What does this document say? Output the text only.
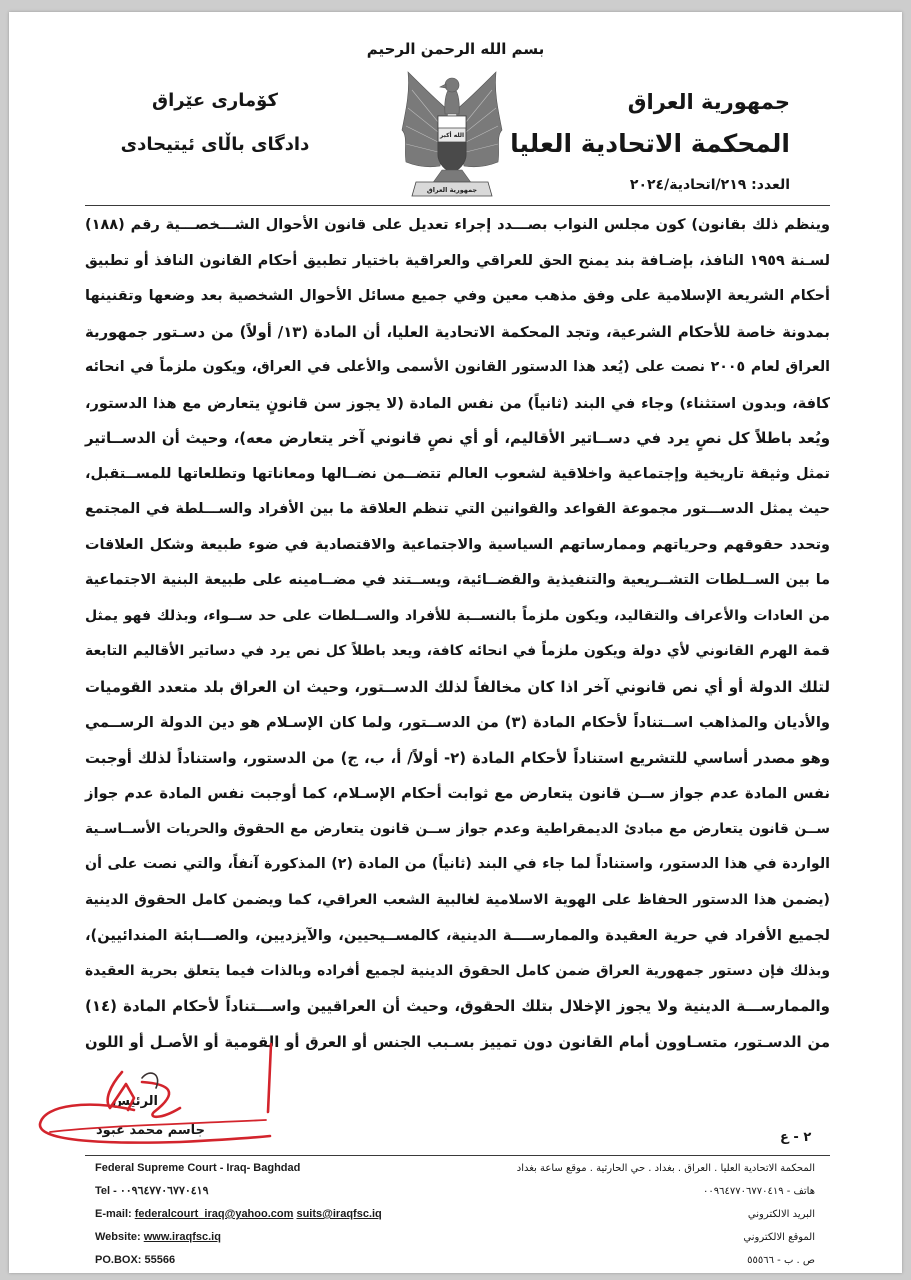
بسم الله الرحمن الرحيم
جمهورية العراق
المحكمة الاتحادية العليا
العدد: ٢١٩/اتحادية/٢٠٢٤
كۆماری عێراق
دادگای باڵای ئیتیحادی	الله أكبر
جمهورية العراق
وينظم ذلك بقانون) كون مجلس النواب بصـــدد إجراء تعديل على قانون الأحوال الشـــخصـــية رقم (١٨٨)
لسـنة ١٩٥٩ النافذ، بإضـافة بند يمنح الحق للعراقي والعراقية باختيار تطبيق أحكام القانون النافذ أو تطبيق
أحكام الشريعة الإسلامية على وفق مذهب معين وفي جميع مسائل الأحوال الشخصية بعد وضعها وتقنينها
بمدونة خاصة للأحكام الشرعية، وتجد المحكمة الاتحادية العليا، أن المادة (١٣/ أولاً) من دسـتور جمهورية
العراق لعام ٢٠٠٥ نصت على (يُعد هذا الدستور القانون الأسمى والأعلى في العراق، ويكون ملزماً في انحائه
كافة، وبدون استثناء) وجاء في البند (ثانياً) من نفس المادة (لا يجوز سن قانونٍ يتعارض مع هذا الدستور،
ويُعد باطلاً كل نصٍ يرد في دســاتير الأقاليم، أو أي نصٍ قانوني آخر يتعارض معه)، وحيث أن الدســاتير
تمثل وثيقة تاريخية وإجتماعية واخلاقية لشعوب العالم تتضــمن نضــالها ومعاناتها وتطلعاتها للمســتقبل،
حيث يمثل الدســـتور مجموعة القواعد والقوانين التي تنظم العلاقة ما بين الأفراد والســـلطة في المجتمع
وتحدد حقوقهم وحرياتهم وممارساتهم السياسية والاجتماعية والاقتصادية في ضوء طبيعة وشكل العلاقات
ما بين الســلطات التشــريعية والتنفيذية والقضــائية، ويســتند في مضــامينه على طبيعة البنية الاجتماعية
من العادات والأعراف والتقاليد، ويكون ملزماً بالنســبة للأفراد والســلطات على حد ســواء، وبذلك فهو يمثل
قمة الهرم القانوني لأي دولة ويكون ملزماً في انحائه كافة، ويعد باطلاً كل نص يرد في دساتير الأقاليم التابعة
لتلك الدولة أو أي نص قانوني آخر اذا كان مخالفاً لذلك الدســتور، وحيث ان العراق بلد متعدد القوميات
والأديان والمذاهب اســتناداً لأحكام المادة (٣) من الدســتور، ولما كان الإسـلام هو دين الدولة الرســمي
وهو مصدر أساسي للتشريع استناداً لأحكام المادة (٢- أولاً/ أ، ب، ج) من الدستور، واستناداً لذلك أوجبت
نفس المادة عدم جواز ســن قانون يتعارض مع ثوابت أحكام الإسـلام، كما أوجبت نفس المادة عدم جواز
ســن قانون يتعارض مع مبادئ الديمقراطية وعدم جواز ســن قانون يتعارض مع الحقوق والحريات الأســاسـية
الواردة في هذا الدستور، واستناداً لما جاء في البند (ثانياً) من المادة (٢) المذكورة آنفاً، والتي نصت على أن
(يضمن هذا الدستور الحفاظ على الهوية الاسلامية لغالبية الشعب العراقي، كما ويضمن كامل الحقوق الدينية
لجميع الأفراد في حرية العقيدة والممارســــة الدينية، كالمســيحيين، والآيزديين، والصـــابئة المندائيين)،
وبذلك فإن دستور جمهورية العراق ضمن كامل الحقوق الدينية لجميع أفراده وبالذات فيما يتعلق بحرية العقيدة
والممارســـة الدينية ولا يجوز الإخلال بتلك الحقوق، وحيث أن العراقيين واســـتناداً لأحكام المادة (١٤)
من الدسـتور، متسـاوون أمام القانون دون تمييز بسـبب الجنس أو العرق أو القومية أو الأصـل أو اللون
الرئيس
جاسم محمد عبود	٢ - ع
Federal Supreme Court - Iraq- Baghdad
Tel - ٠٠٩٦٤٧٧٠٦٧٧٠٤١٩
E-mail: federalcourt_iraq@yahoo.com suits@iraqfsc.iq
Website: www.iraqfsc.iq
PO.BOX: 55566
المحكمة الاتحادية العليا . العراق . بغداد . حي الحارثية . موقع ساعة بغداد
هاتف - ٠٠٩٦٤٧٧٠٦٧٧٠٤١٩
البريد الالكتروني
الموقع الالكتروني
ص . ب - ٥٥٥٦٦
